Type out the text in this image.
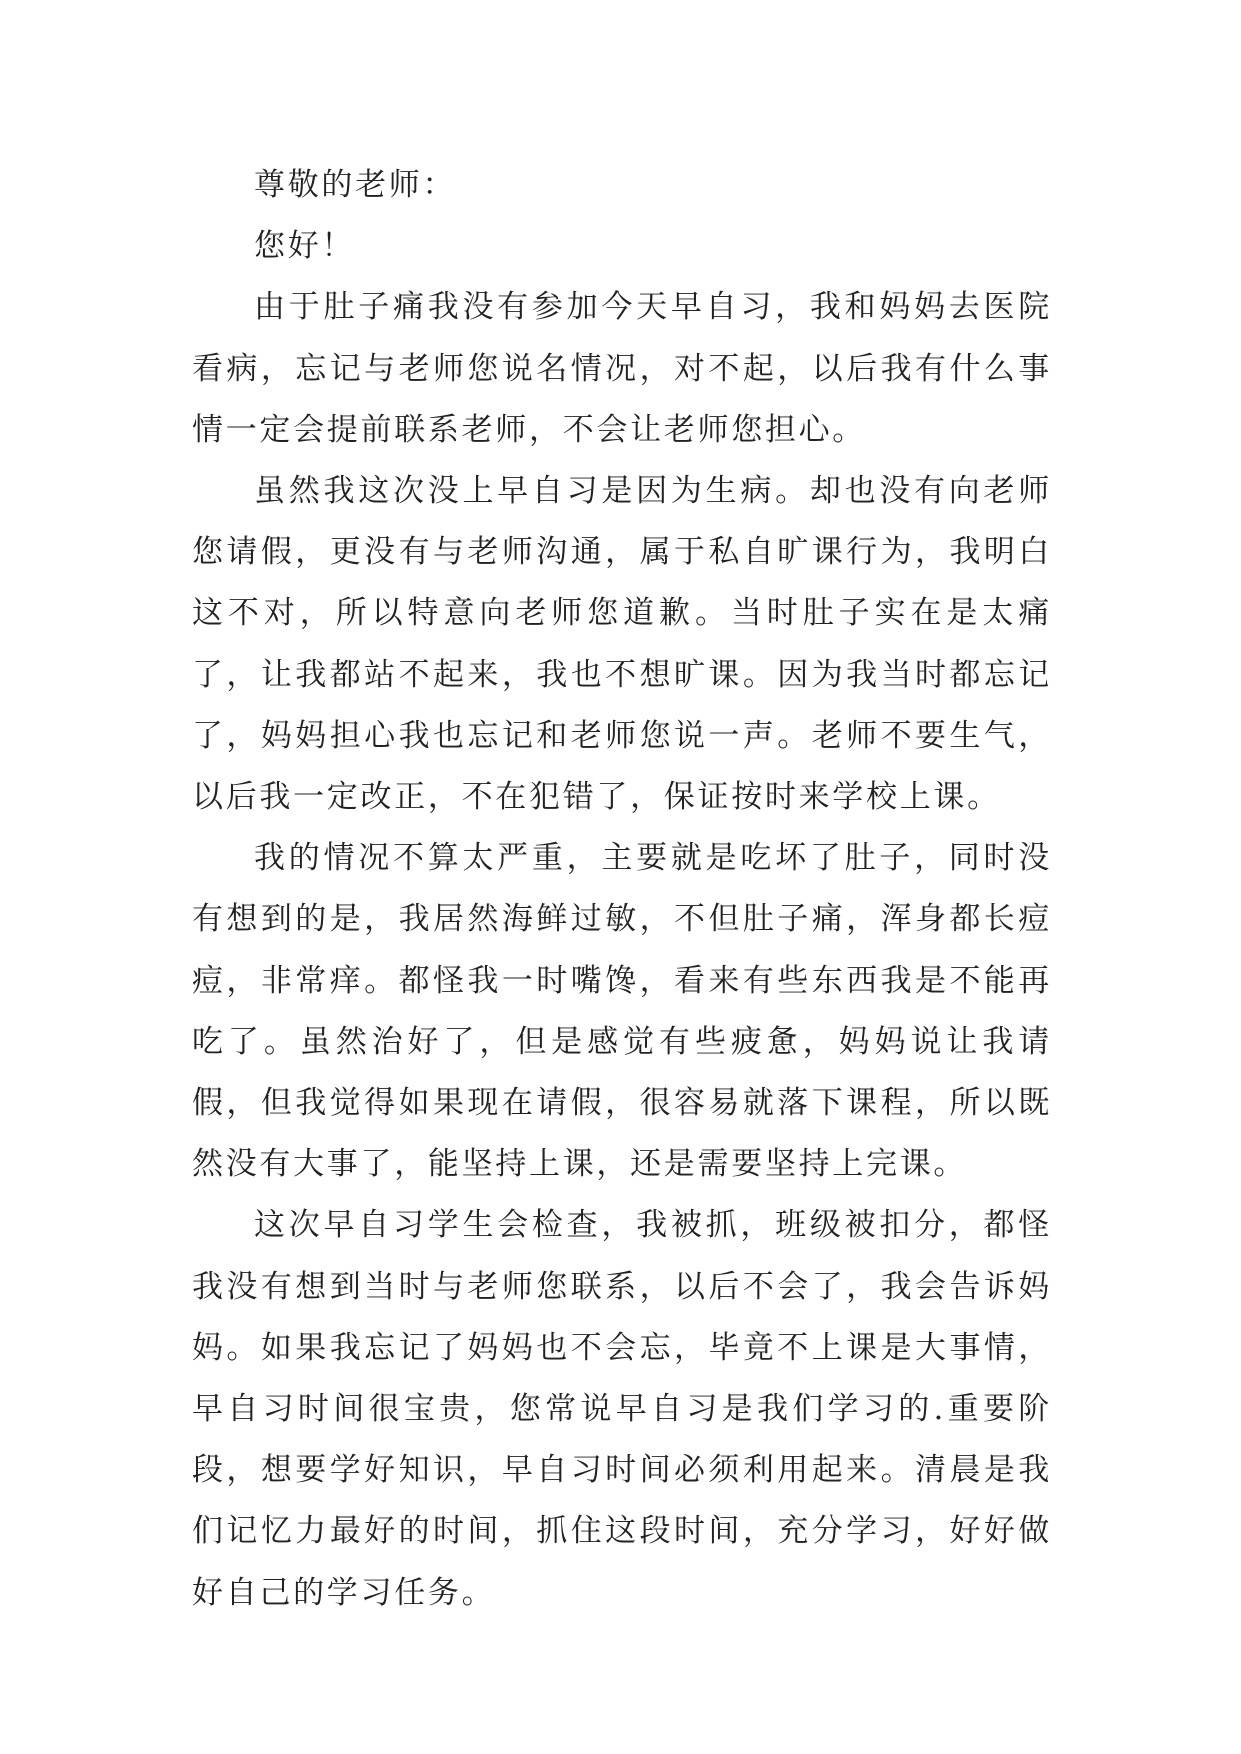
尊敬的老师：

您好！

由于肚子痛我没有参加今天早自习，我和妈妈去医院看病，忘记与老师您说名情况，对不起，以后我有什么事情一定会提前联系老师，不会让老师您担心。

虽然我这次没上早自习是因为生病。却也没有向老师您请假，更没有与老师沟通，属于私自旷课行为，我明白这不对，所以特意向老师您道歉。当时肚子实在是太痛了，让我都站不起来，我也不想旷课。因为我当时都忘记了，妈妈担心我也忘记和老师您说一声。老师不要生气，以后我一定改正，不在犯错了，保证按时来学校上课。

我的情况不算太严重，主要就是吃坏了肚子，同时没有想到的是，我居然海鲜过敏，不但肚子痛，浑身都长痘痘，非常痒。都怪我一时嘴馋，看来有些东西我是不能再吃了。虽然治好了，但是感觉有些疲惫，妈妈说让我请假，但我觉得如果现在请假，很容易就落下课程，所以既然没有大事了，能坚持上课，还是需要坚持上完课。

这次早自习学生会检查，我被抓，班级被扣分，都怪我没有想到当时与老师您联系，以后不会了，我会告诉妈妈。如果我忘记了妈妈也不会忘，毕竟不上课是大事情，早自习时间很宝贵，您常说早自习是我们学习的.重要阶段，想要学好知识，早自习时间必须利用起来。清晨是我们记忆力最好的时间，抓住这段时间，充分学习，好好做好自己的学习任务。
